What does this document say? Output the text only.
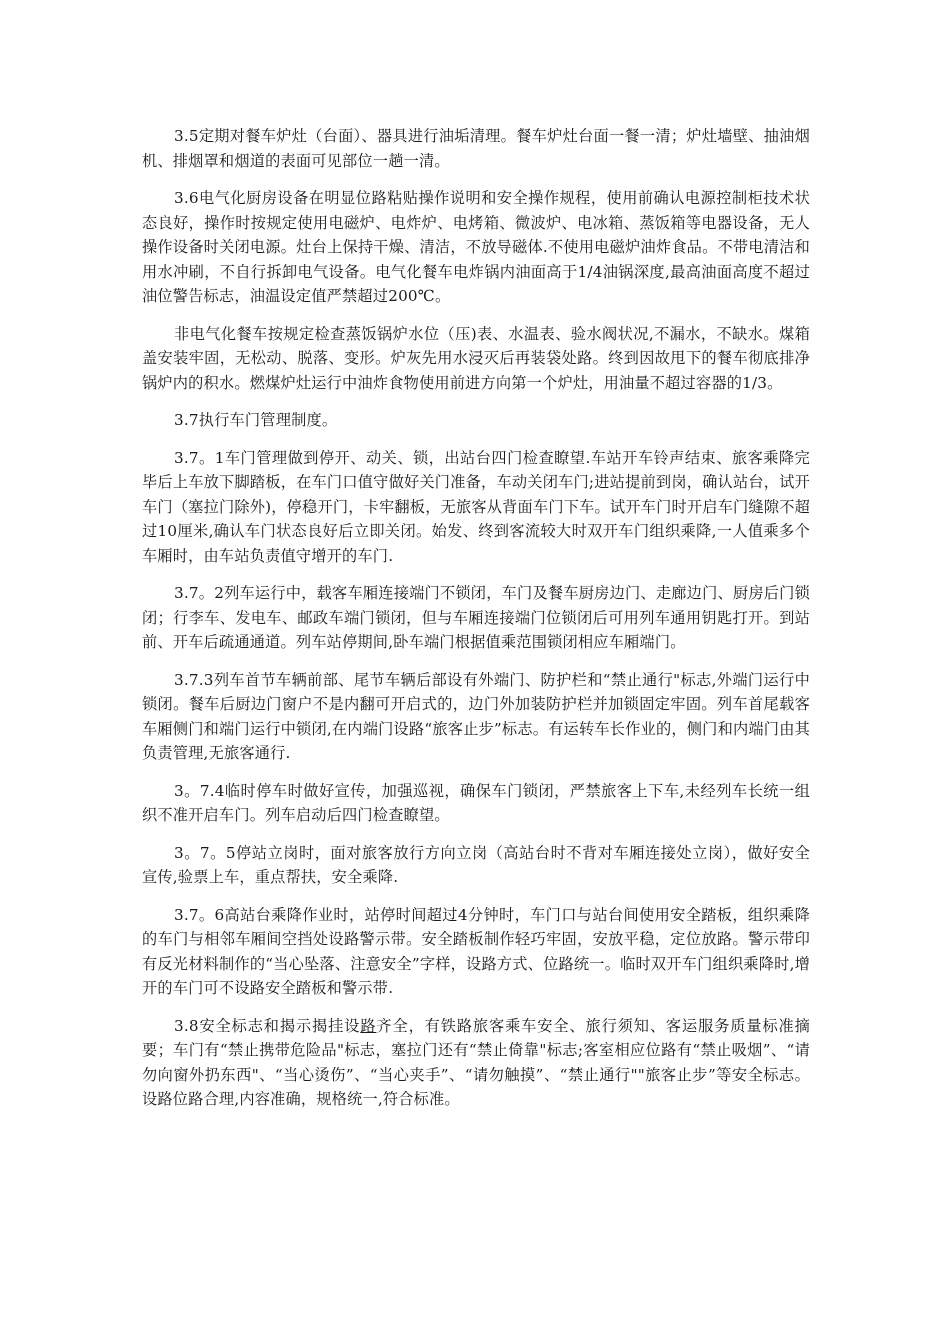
3.5定期对餐车炉灶（台面）、器具进行油垢清理。餐车炉灶台面一餐一清；炉灶墙壁、抽油烟机、排烟罩和烟道的表面可见部位一趟一清。

3.6电气化厨房设备在明显位路粘贴操作说明和安全操作规程，使用前确认电源控制柜技术状态良好，操作时按规定使用电磁炉、电炸炉、电烤箱、微波炉、电冰箱、蒸饭箱等电器设备，无人操作设备时关闭电源。灶台上保持干燥、清洁，不放导磁体.不使用电磁炉油炸食品。不带电清洁和用水冲刷，不自行拆卸电气设备。电气化餐车电炸锅内油面高于1/4油锅深度,最高油面高度不超过油位警告标志，油温设定值严禁超过200℃。

非电气化餐车按规定检查蒸饭锅炉水位（压)表、水温表、验水阀状况,不漏水，不缺水。煤箱盖安装牢固，无松动、脱落、变形。炉灰先用水浸灭后再装袋处路。终到因故甩下的餐车彻底排净锅炉内的积水。燃煤炉灶运行中油炸食物使用前进方向第一个炉灶，用油量不超过容器的1/3。

3.7执行车门管理制度。

3.7。1车门管理做到停开、动关、锁，出站台四门检查瞭望.车站开车铃声结束、旅客乘降完毕后上车放下脚踏板，在车门口值守做好关门准备，车动关闭车门;进站提前到岗，确认站台，试开车门（塞拉门除外)，停稳开门，卡牢翻板，无旅客从背面车门下车。试开车门时开启车门缝隙不超过10厘米,确认车门状态良好后立即关闭。始发、终到客流较大时双开车门组织乘降,一人值乘多个车厢时，由车站负责值守增开的车门.

3.7。2列车运行中，载客车厢连接端门不锁闭，车门及餐车厨房边门、走廊边门、厨房后门锁闭；行李车、发电车、邮政车端门锁闭，但与车厢连接端门位锁闭后可用列车通用钥匙打开。到站前、开车后疏通通道。列车站停期间,卧车端门根据值乘范围锁闭相应车厢端门。

3.7.3列车首节车辆前部、尾节车辆后部设有外端门、防护栏和“禁止通行"标志,外端门运行中锁闭。餐车后厨边门窗户不是内翻可开启式的，边门外加装防护栏并加锁固定牢固。列车首尾载客车厢侧门和端门运行中锁闭,在内端门设路“旅客止步”标志。有运转车长作业的，侧门和内端门由其负责管理,无旅客通行.

3。7.4临时停车时做好宣传，加强巡视，确保车门锁闭，严禁旅客上下车,未经列车长统一组织不准开启车门。列车启动后四门检查瞭望。

3。7。5停站立岗时，面对旅客放行方向立岗（高站台时不背对车厢连接处立岗），做好安全宣传,验票上车，重点帮扶，安全乘降.

3.7。6高站台乘降作业时，站停时间超过4分钟时，车门口与站台间使用安全踏板，组织乘降的车门与相邻车厢间空挡处设路警示带。安全踏板制作轻巧牢固，安放平稳，定位放路。警示带印有反光材料制作的“当心坠落、注意安全”字样，设路方式、位路统一。临时双开车门组织乘降时,增开的车门可不设路安全踏板和警示带.

3.8安全标志和揭示揭挂设路齐全，有铁路旅客乘车安全、旅行须知、客运服务质量标准摘要；车门有“禁止携带危险品"标志，塞拉门还有“禁止倚靠"标志;客室相应位路有“禁止吸烟”、“请勿向窗外扔东西"、“当心烫伤”、“当心夹手”、“请勿触摸”、“禁止通行""旅客止步”等安全标志。设路位路合理,内容准确，规格统一,符合标准。
